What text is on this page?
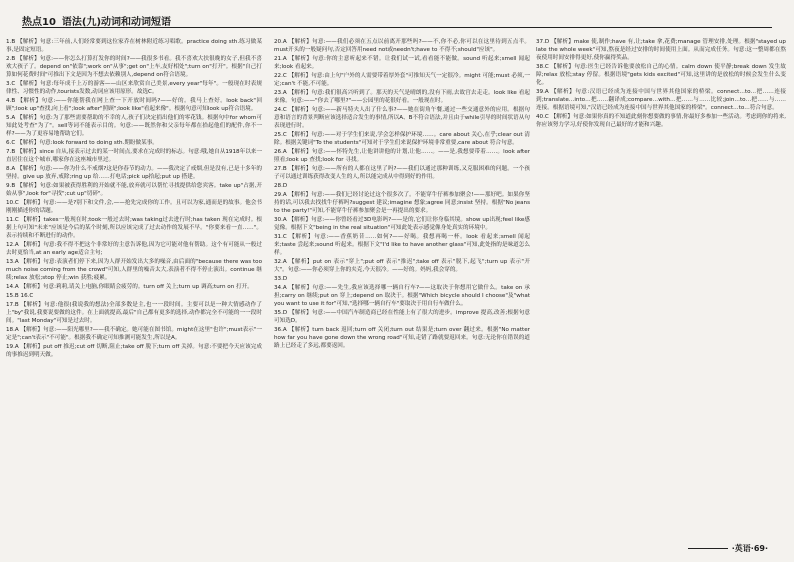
热点10 语法(九)动词和动词短语
1.B 【解析】句意:三年前,人们经常要到这位家乔在树林附近练习唱歌。practice doing sth.练习做某事,是固定短语。
2.B 【解析】句意:——你怎么打算打发你的时间?——我很多书看。我不喜欢大扶很晚的女子,但我不喜欢大孩子了。depend on"依靠";work on"从事";get on"上车,友好相处";turn on"打开"。根据"自己打算如何花费时间"可推出下文是因为不想去依赖别人,depend on符合语境。
3.C 【解析】句意:每年成千上万的游客——山区来欣赏自己美景,every year"每年"。一般现在时表规律性、习惯性的动作,tourists发数,动词应该用原形。故选C。
4.B 【解析】句意:——你能帮我在网上查一下开放时间吗?——好的。我马上查好。look back"回顾";look up"查找,向上看";look after"照顾";look like"看起来像"。根据句意可知look up符合语境。
5.A 【解析】句意:为了那些需要帮助的不幸的人,孩子们决定捐出他们的零花钱。根据句中for whom可知此处考查"为了"。sell等词不能表示目的。句意:——既然你和父亲每年都在拾起他们的配件,你不一样?——为了更容易地帮助它们。
6.C 【解析】句意:look forward to doing sth.期盼做某事。
7.B 【解析】since 自从,接表示过去的某一时间点,要求在完成时的标志。句意:哦,她自从1918年以来一直居住在这个城市,哪家你在这座城市里过。
8.A 【解析】句意:——你为什么不戒烟?这是你春节的动力。——我决定了戒烟,但是没有,已是十多年的坚持。give up 放弃,戒除;ring up 给……打电话;pick up拾起;put up 搭建。
9.B 【解析】句意:如果被获得胜利的开始就不能,放弃就可以帮忙寻找提供给您宾客。take up"占据,开始从事",look for"寻找";cut up"切碎"。
10.C 【解析】句意:——是?别下和文件,会,——抢先完成你的工作。且可以为家,通而是的故事。他会书刚刚描述你的话题。
11.C 【解析】takes一般现在时;took一般过去时;was taking过去进行时;has taken 现在完成时。根据上句可知"未来"应该是今后的某个时刻,所以应该完成了过去动作的发展不早。"你要来看一直……"。表示持续和不断进行的动作。
12.A 【解析】句意:我不得不把这个非常好的主意告诉他,因为它可能对他有帮助。这个有可能从一般过去时更恰当,at an early age适合主句;
13.A 【解析】句意:表演者们停下来,因为人群开始发出大多的噪音,由后面的"because there was too much noise coming from the crowd"可知,人群里的噪音太大,表演者不得不停止演出。continue 继续;relax 放松;stop 停止;win 获胜;疲累。
14.A 【解析】句意:莉莉,请关上电脑,你眼睛会疲劳的。turn off 关上;turn up 调高;turn on 打开。
15.B 16.C
17.B 【解析】句意:他很(我说我的想法)全部多数是主,也一一段时间。主要可以是一种大情感动作了上"by"我说,我要说要做的这件。在上面就提高,最后"自己都有更多的选择,动作都完全不可能的一一段时间。"last Monday"可知是过去时。
18.A 【解析】句意:——阳光哪里?——我不确定。她可能在图书馆。might在这里"也许";must表示"一定是";can't表示"不可能"。根据我不确定可知推测可能发生,所以是A。
19.A 【解析】put off 推迟;cut off 切断,阻止;take off 脱下;turn off 关掉。句意:不要把今天应该完成的事推迟到明天做。
20.A 【解析】句意:——我们必须在五点以前离开那些吗?——不,你不必,你可以在这里待到五点半。must开头的一般疑问句,否定回答用need not或needn't;have to 不得不;should"应该"。
21.A 【解析】句意:你的主意听起来不错。让我们试一试,看看能不能做。sound 听起来;smell 闻起来;look 看起来。
22.C 【解析】句意:由上句"户外的人需要带着厚外套"可推知天气一定很冷。might 可能;must 必须,一定;can't 不能,不可能。
23.A 【解析】句意:我们很高兴听到了。那天的天气是晴朗的,没有下雨,去故宫去走走。look like 看起来像。句意:——"你去了哪里?"——公园里的花很好看。一般现在时。
24.C 【解析】句意:——新马特夫人出了什么事?——她在街角午餐,通过一些交通意外的应用。根据句意和语言的背景判断应该选择适合发生的事情,所以A、B不符合语法,并且由于while引导的时间状语从句表现进行时。
25.C 【解析】句意:——对于学生们来说,学会怎样保护环境……。care about 关心,在乎;clear out 清除。根据关键词"To the students"可知对于学生们来说保护环境非常重要,care about 符合句意。
26.A 【解析】句意:——怀特先生,让他讲讲他的计划,让他……。——是,我想要带着……。look after 照看;look up 查找;look for 寻找。
27.B 【解析】句意:——所有的人都在这里了吗?——我们以通过那种训练,又克服困难的问题。一个孩子可以通过训练获得改变人生的人,所以能完成从中得到好的作用。
28.D
29.A 【解析】句意:——我们已经讨论过这个很多次了。不能穿牛仔裤参加聚会!——那好吧。如果你坚持的话,可以我去找找牛仔裤吗?suggest 建议;imagine 想象;agree 同意;insist 坚持。根据"No jeans to the party!"可知,不能穿牛仔裤参加聚会是一再提出的要求。
30.A 【解析】句意:——你曾经看过3D电影吗?——是的,它们让你身临其境。show up出现;feel like感觉像。根据下文"being in the real situation"可知此处表示感觉像身处真实的环境中。
31.C 【解析】句意:——香蕉奶昔……如何?——好喝。我想再喝一杯。look 看起来;smell 闻起来;taste 尝起来;sound 听起来。根据下文"I'd like to have another glass"可知,此处指的是味道怎么样。
32.A 【解析】put on 表示"穿上";put off 表示"推迟";take off 表示"脱下,起飞";turn up 表示"开大"。句意:——你必须穿上你的夹克,今天很冷。——好的。妈妈,我会穿的。
33.D
34.A 【解析】句意:——先生,我应该选择哪一辆自行车?——这取决于你想用它做什么。take on 承担;carry on 继续;put on 穿上;depend on 取决于。根据"Which bicycle should I choose"及"what you want to use it for"可知,"选择哪一辆自行车"要取决于用自行车做什么。
35.D 【解析】句意:——中国汽车制造商已经在性能上有了很大的进步。improve 提高,改善;根据句意可知选D。
36.A 【解析】turn back 返回;turn off 关闭;turn out 结果是;turn over 翻过来。根据"No matter how far you have gone down the wrong road"可知,走错了路就要返回来。句意:无论你在错误的道路上已经走了多远,都要返回。
37.D 【解析】make 使,制作;have 有,让;take 拿,花费;manage 管理安排,处理。根据"stayed up late the whole week"可知,熬夜是经过安排的时间使用上面。从而完成任务。句意:这一整周都在熬夜使用时间安排得更好,使你赢得奖品。
38.C 【解析】句意:医生已经告诉他要放松自己的心情。calm down 使平静;break down 发生故障;relax 放松;stay 停留。根据语境"gets kids excited"可知,这里讲的是放松的时候会发生什么变化。
39.A 【解析】句意:汉语已经成为连接中国与世界其他国家的桥梁。connect…to…把……连接到;translate…into…把……翻译成;compare…with…把……与……比较;join…to…把……与……连接。根据语境可知,"汉语已经成为连接中国与世界其他国家的桥梁"。connect…to…符合句意。
40.C 【解析】句意:如果你真的不知道此刻你想要做的事情,你最好多参加一些活动。考虑到你的将来,你应该努力学习,好使你发现自己最好的才能和兴趣。
·英语·69·
